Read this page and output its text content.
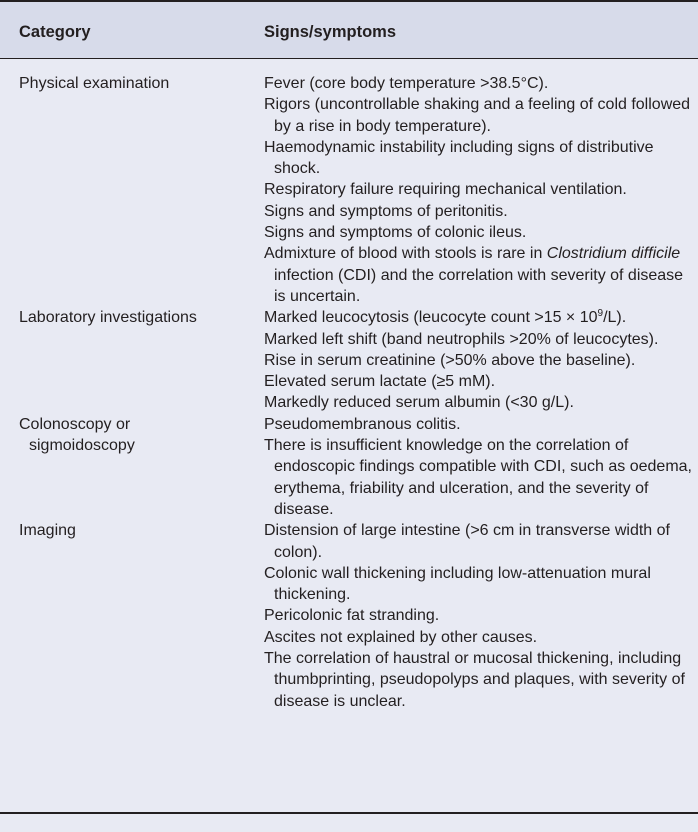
Category	Signs/symptoms
Physical examination
Laboratory investigations
Colonoscopy or
sigmoidoscopy
Imaging
Fever (core body temperature >38.5°C).
Rigors (uncontrollable shaking and a feeling of cold followed by a rise in body temperature).
Haemodynamic instability including signs of distributive shock.
Respiratory failure requiring mechanical ventilation.
Signs and symptoms of peritonitis.
Signs and symptoms of colonic ileus.
Admixture of blood with stools is rare in Clostridium difficile infection (CDI) and the correlation with severity of disease is uncertain.
Marked leucocytosis (leucocyte count $>15 \times 10^9/L$).
Marked left shift (band neutrophils >20% of leucocytes).
Rise in serum creatinine (>50% above the baseline).
Elevated serum lactate (≥5 mM).
Markedly reduced serum albumin (<30 g/L).
Pseudomembranous colitis.
There is insufficient knowledge on the correlation of endoscopic findings compatible with CDI, such as oedema, erythema, friability and ulceration, and the severity of disease.
Distension of large intestine (>6 cm in transverse width of colon).
Colonic wall thickening including low-attenuation mural thickening.
Pericolonic fat stranding.
Ascites not explained by other causes.
The correlation of haustral or mucosal thickening, including thumbprinting, pseudopolyps and plaques, with severity of disease is unclear.
